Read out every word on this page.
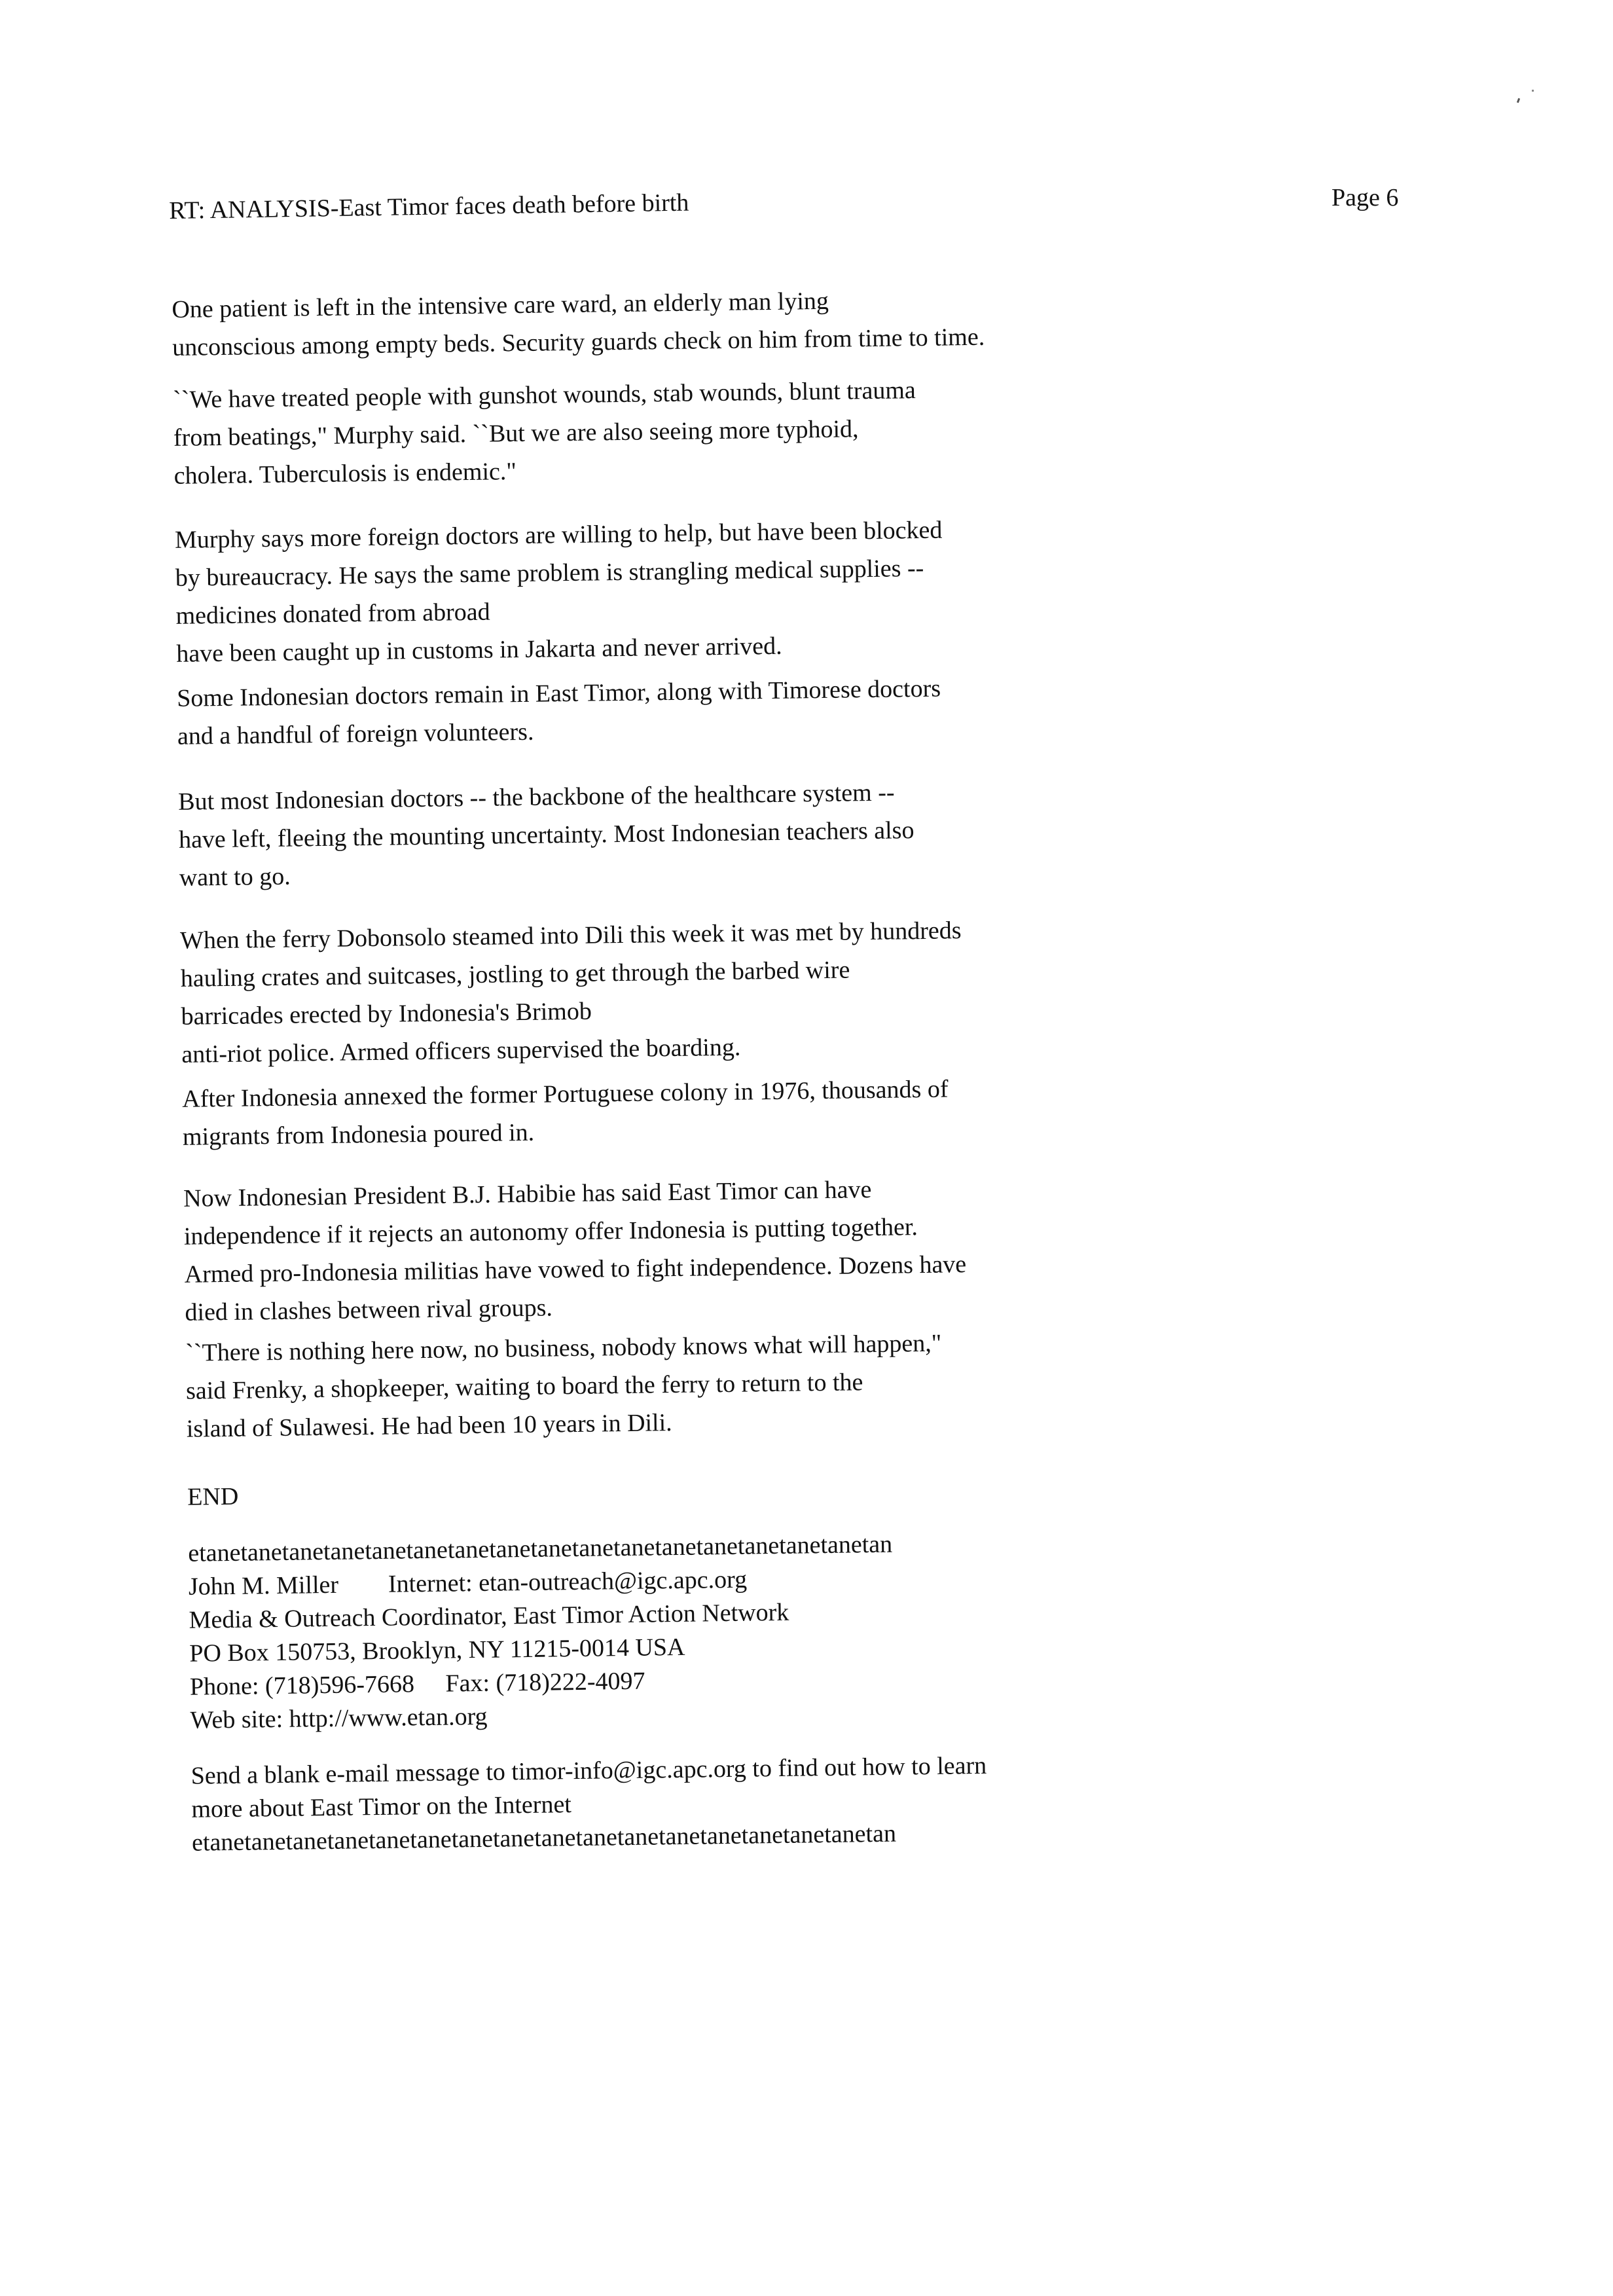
RT: ANALYSIS-East Timor faces death before birth	Page 6
One patient is left in the intensive care ward, an elderly man lying
unconscious among empty beds. Security guards check on him from time to time.
``We have treated people with gunshot wounds, stab wounds, blunt trauma
from beatings," Murphy said. ``But we are also seeing more typhoid,
cholera. Tuberculosis is endemic."
Murphy says more foreign doctors are willing to help, but have been blocked
by bureaucracy. He says the same problem is strangling medical supplies --
medicines donated from abroad
have been caught up in customs in Jakarta and never arrived.
Some Indonesian doctors remain in East Timor, along with Timorese doctors
and a handful of foreign volunteers.
But most Indonesian doctors -- the backbone of the healthcare system --
have left, fleeing the mounting uncertainty. Most Indonesian teachers also
want to go.
When the ferry Dobonsolo steamed into Dili this week it was met by hundreds
hauling crates and suitcases, jostling to get through the barbed wire
barricades erected by Indonesia's Brimob
anti-riot police. Armed officers supervised the boarding.
After Indonesia annexed the former Portuguese colony in 1976, thousands of
migrants from Indonesia poured in.
Now Indonesian President B.J. Habibie has said East Timor can have
independence if it rejects an autonomy offer Indonesia is putting together.
Armed pro-Indonesia militias have vowed to fight independence. Dozens have
died in clashes between rival groups.
``There is nothing here now, no business, nobody knows what will happen,"
said Frenky, a shopkeeper, waiting to board the ferry to return to the
island of Sulawesi. He had been 10 years in Dili.
END
etanetanetanetanetanetanetanetanetanetanetanetanetanetanetanetanetan
John M. Miller        Internet: etan-outreach@igc.apc.org
Media & Outreach Coordinator, East Timor Action Network
PO Box 150753, Brooklyn, NY 11215-0014 USA
Phone: (718)596-7668     Fax: (718)222-4097
Web site: http://www.etan.org
Send a blank e-mail message to timor-info@igc.apc.org to find out how to learn
more about East Timor on the Internet
etanetanetanetanetanetanetanetanetanetanetanetanetanetanetanetanetan
